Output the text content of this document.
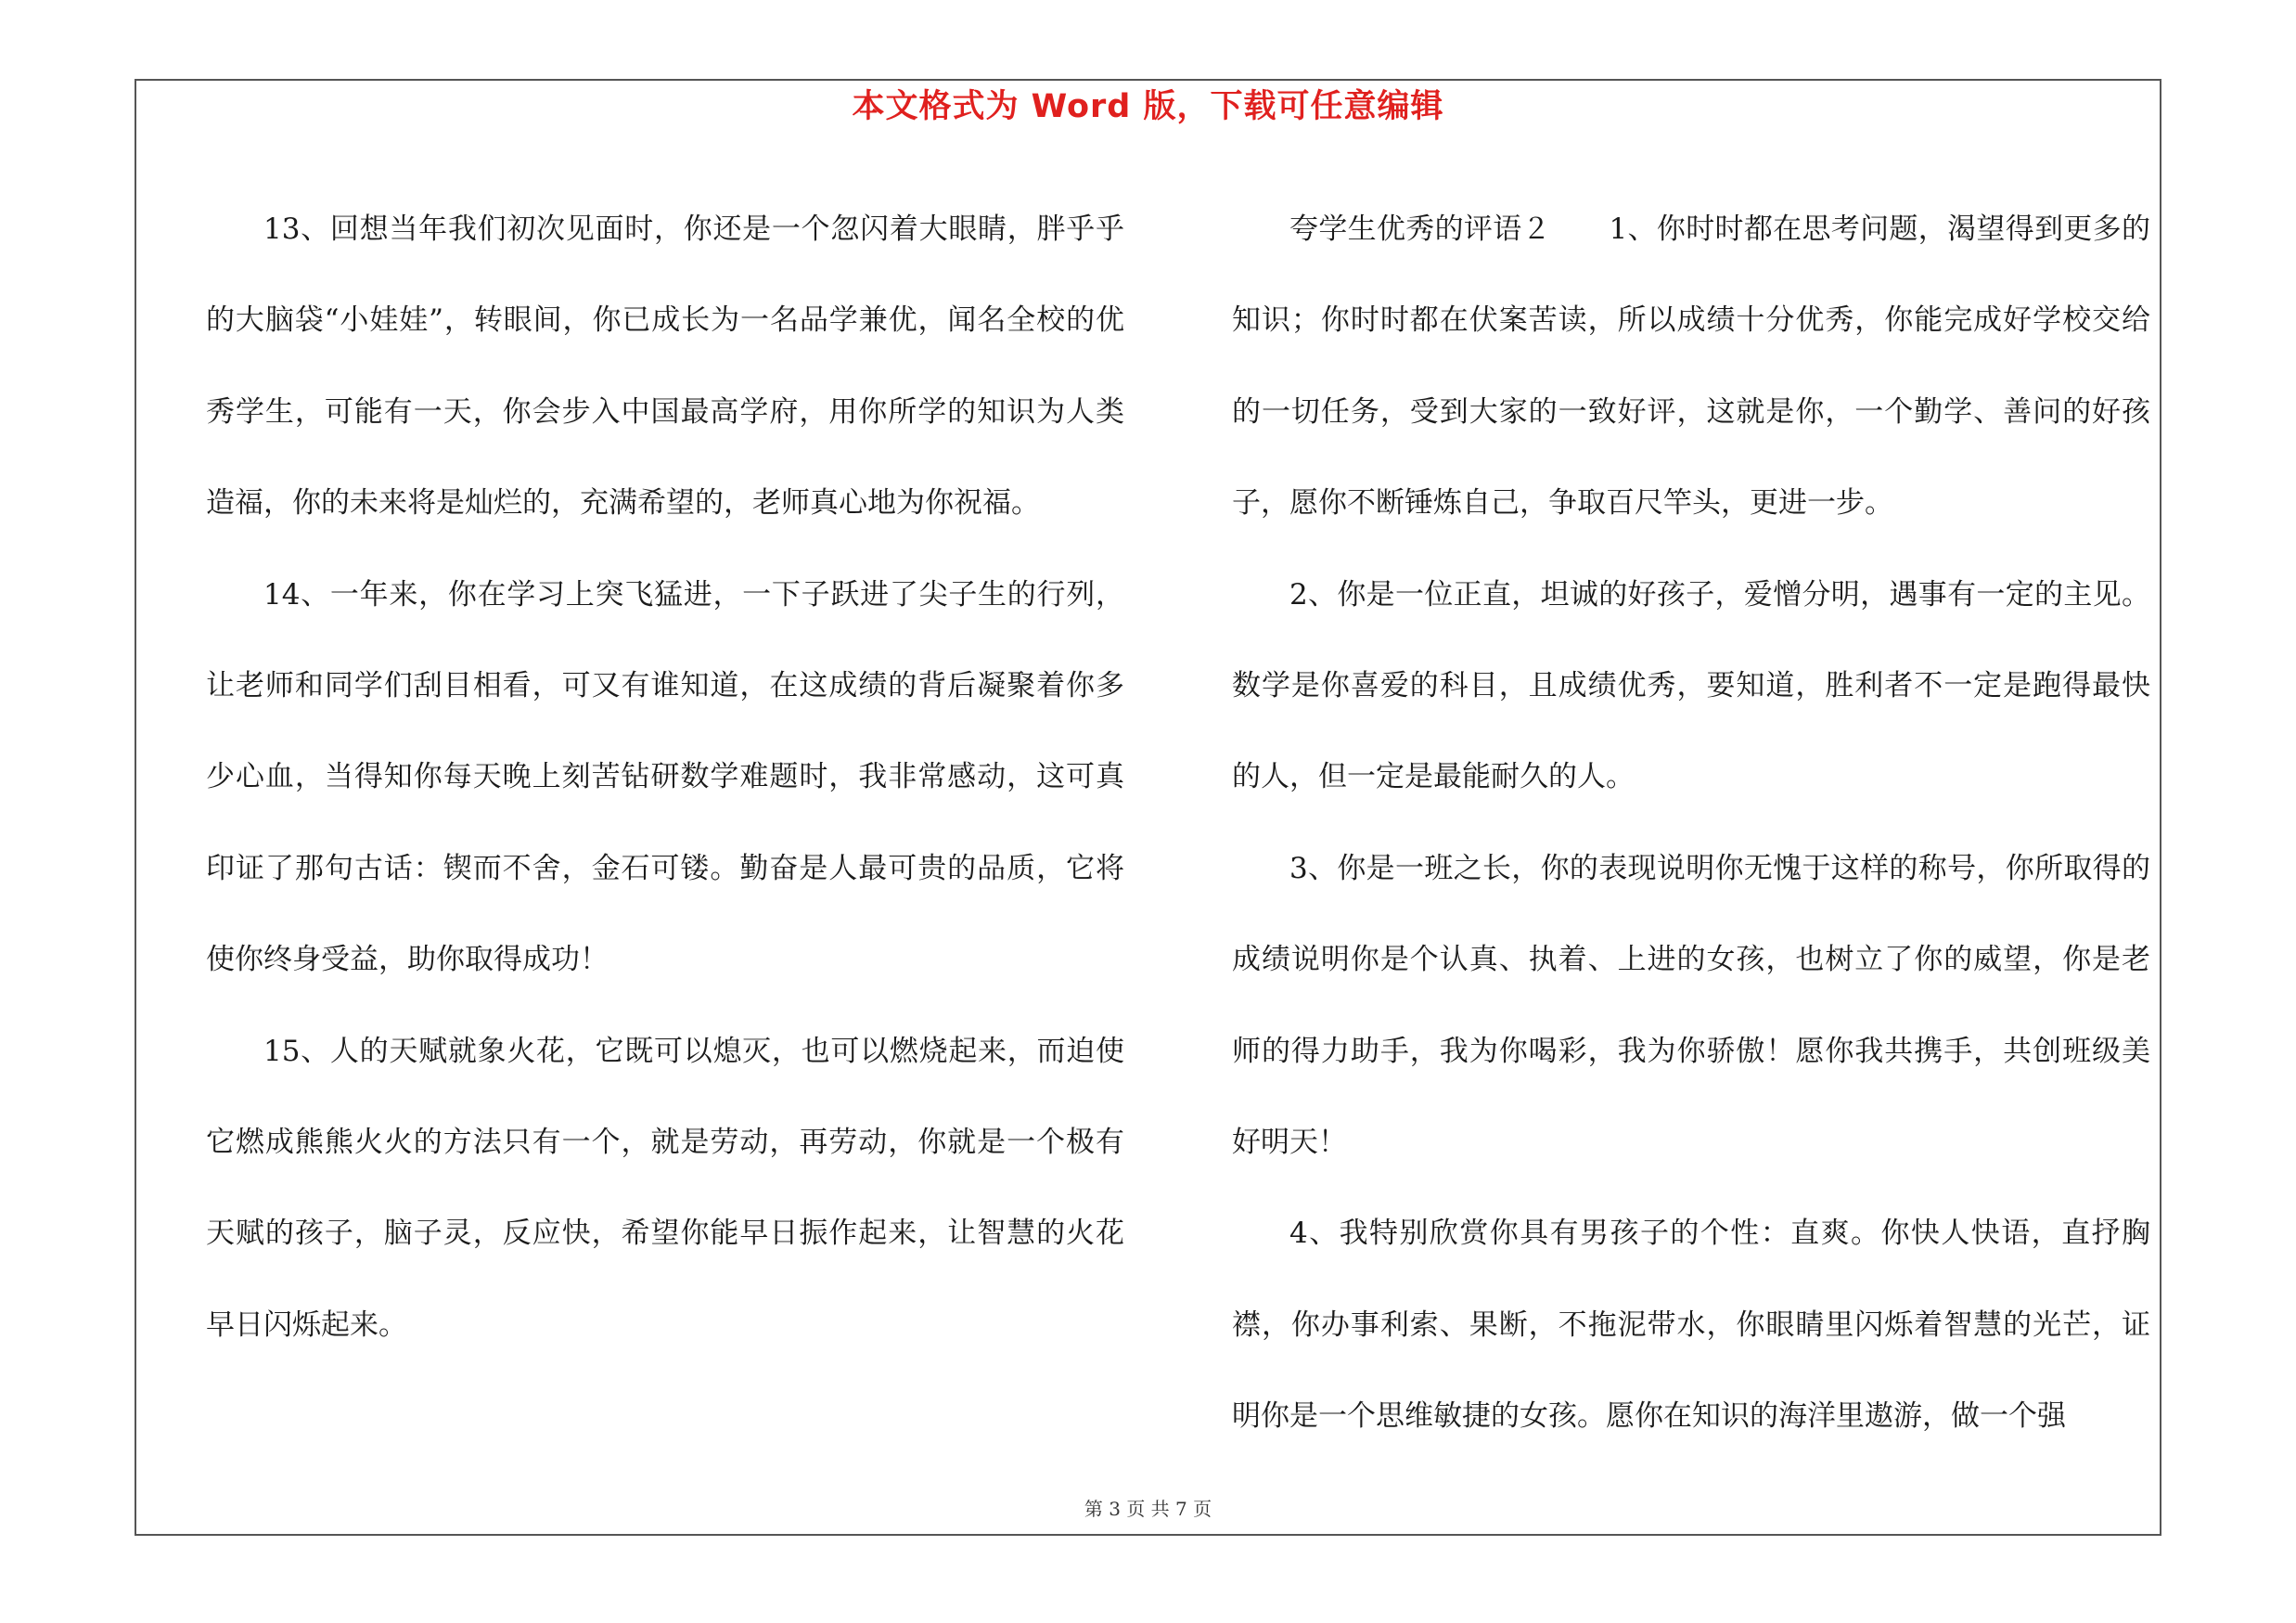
本文格式为 Word 版，下载可任意编辑

13、回想当年我们初次见面时，你还是一个忽闪着大眼睛，胖乎乎的大脑袋“小娃娃”，转眼间，你已成长为一名品学兼优，闻名全校的优秀学生，可能有一天，你会步入中国最高学府，用你所学的知识为人类造福，你的未来将是灿烂的，充满希望的，老师真心地为你祝福。

14、一年来，你在学习上突飞猛进，一下子跃进了尖子生的行列，让老师和同学们刮目相看，可又有谁知道，在这成绩的背后凝聚着你多少心血，当得知你每天晚上刻苦钻研数学难题时，我非常感动，这可真印证了那句古话：锲而不舍，金石可镂。勤奋是人最可贵的品质，它将使你终身受益，助你取得成功！

15、人的天赋就象火花，它既可以熄灭，也可以燃烧起来，而迫使它燃成熊熊火火的方法只有一个，就是劳动，再劳动，你就是一个极有天赋的孩子，脑子灵，反应快，希望你能早日振作起来，让智慧的火花早日闪烁起来。

夸学生优秀的评语２　　1、你时时都在思考问题，渴望得到更多的知识；你时时都在伏案苦读，所以成绩十分优秀，你能完成好学校交给的一切任务，受到大家的一致好评，这就是你，一个勤学、善问的好孩子，愿你不断锤炼自己，争取百尺竿头，更进一步。

2、你是一位正直，坦诚的好孩子，爱憎分明，遇事有一定的主见。数学是你喜爱的科目，且成绩优秀，要知道，胜利者不一定是跑得最快的人，但一定是最能耐久的人。

3、你是一班之长，你的表现说明你无愧于这样的称号，你所取得的成绩说明你是个认真、执着、上进的女孩，也树立了你的威望，你是老师的得力助手，我为你喝彩，我为你骄傲！愿你我共携手，共创班级美好明天！

4、我特别欣赏你具有男孩子的个性：直爽。你快人快语，直抒胸襟，你办事利索、果断，不拖泥带水，你眼睛里闪烁着智慧的光芒，证明你是一个思维敏捷的女孩。愿你在知识的海洋里遨游，做一个强

第 3 页 共 7 页
